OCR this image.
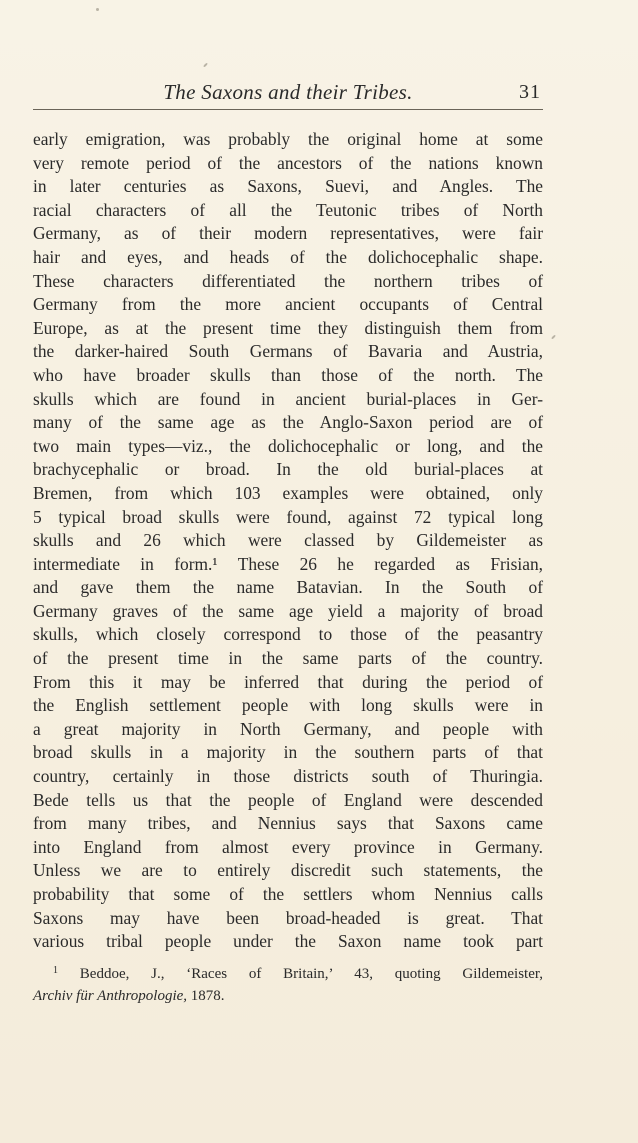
The Saxons and their Tribes.	31
early emigration, was probably the original home at some
very remote period of the ancestors of the nations known
in later centuries as Saxons, Suevi, and Angles. The
racial characters of all the Teutonic tribes of North
Germany, as of their modern representatives, were fair
hair and eyes, and heads of the dolichocephalic shape.
These characters differentiated the northern tribes of
Germany from the more ancient occupants of Central
Europe, as at the present time they distinguish them from
the darker-haired South Germans of Bavaria and Austria,
who have broader skulls than those of the north. The
skulls which are found in ancient burial-places in Ger-
many of the same age as the Anglo-Saxon period are of
two main types—viz., the dolichocephalic or long, and the
brachycephalic or broad. In the old burial-places at
Bremen, from which 103 examples were obtained, only
5 typical broad skulls were found, against 72 typical long
skulls and 26 which were classed by Gildemeister as
intermediate in form.¹ These 26 he regarded as Frisian,
and gave them the name Batavian. In the South of
Germany graves of the same age yield a majority of broad
skulls, which closely correspond to those of the peasantry
of the present time in the same parts of the country.
From this it may be inferred that during the period of
the English settlement people with long skulls were in
a great majority in North Germany, and people with
broad skulls in a majority in the southern parts of that
country, certainly in those districts south of Thuringia.
Bede tells us that the people of England were descended
from many tribes, and Nennius says that Saxons came
into England from almost every province in Germany.
Unless we are to entirely discredit such statements, the
probability that some of the settlers whom Nennius calls
Saxons may have been broad-headed is great. That
various tribal people under the Saxon name took part
$^1$ Beddoe, J., ‘Races of Britain,’ 43, quoting Gildemeister,
Archiv für Anthropologie, 1878.
